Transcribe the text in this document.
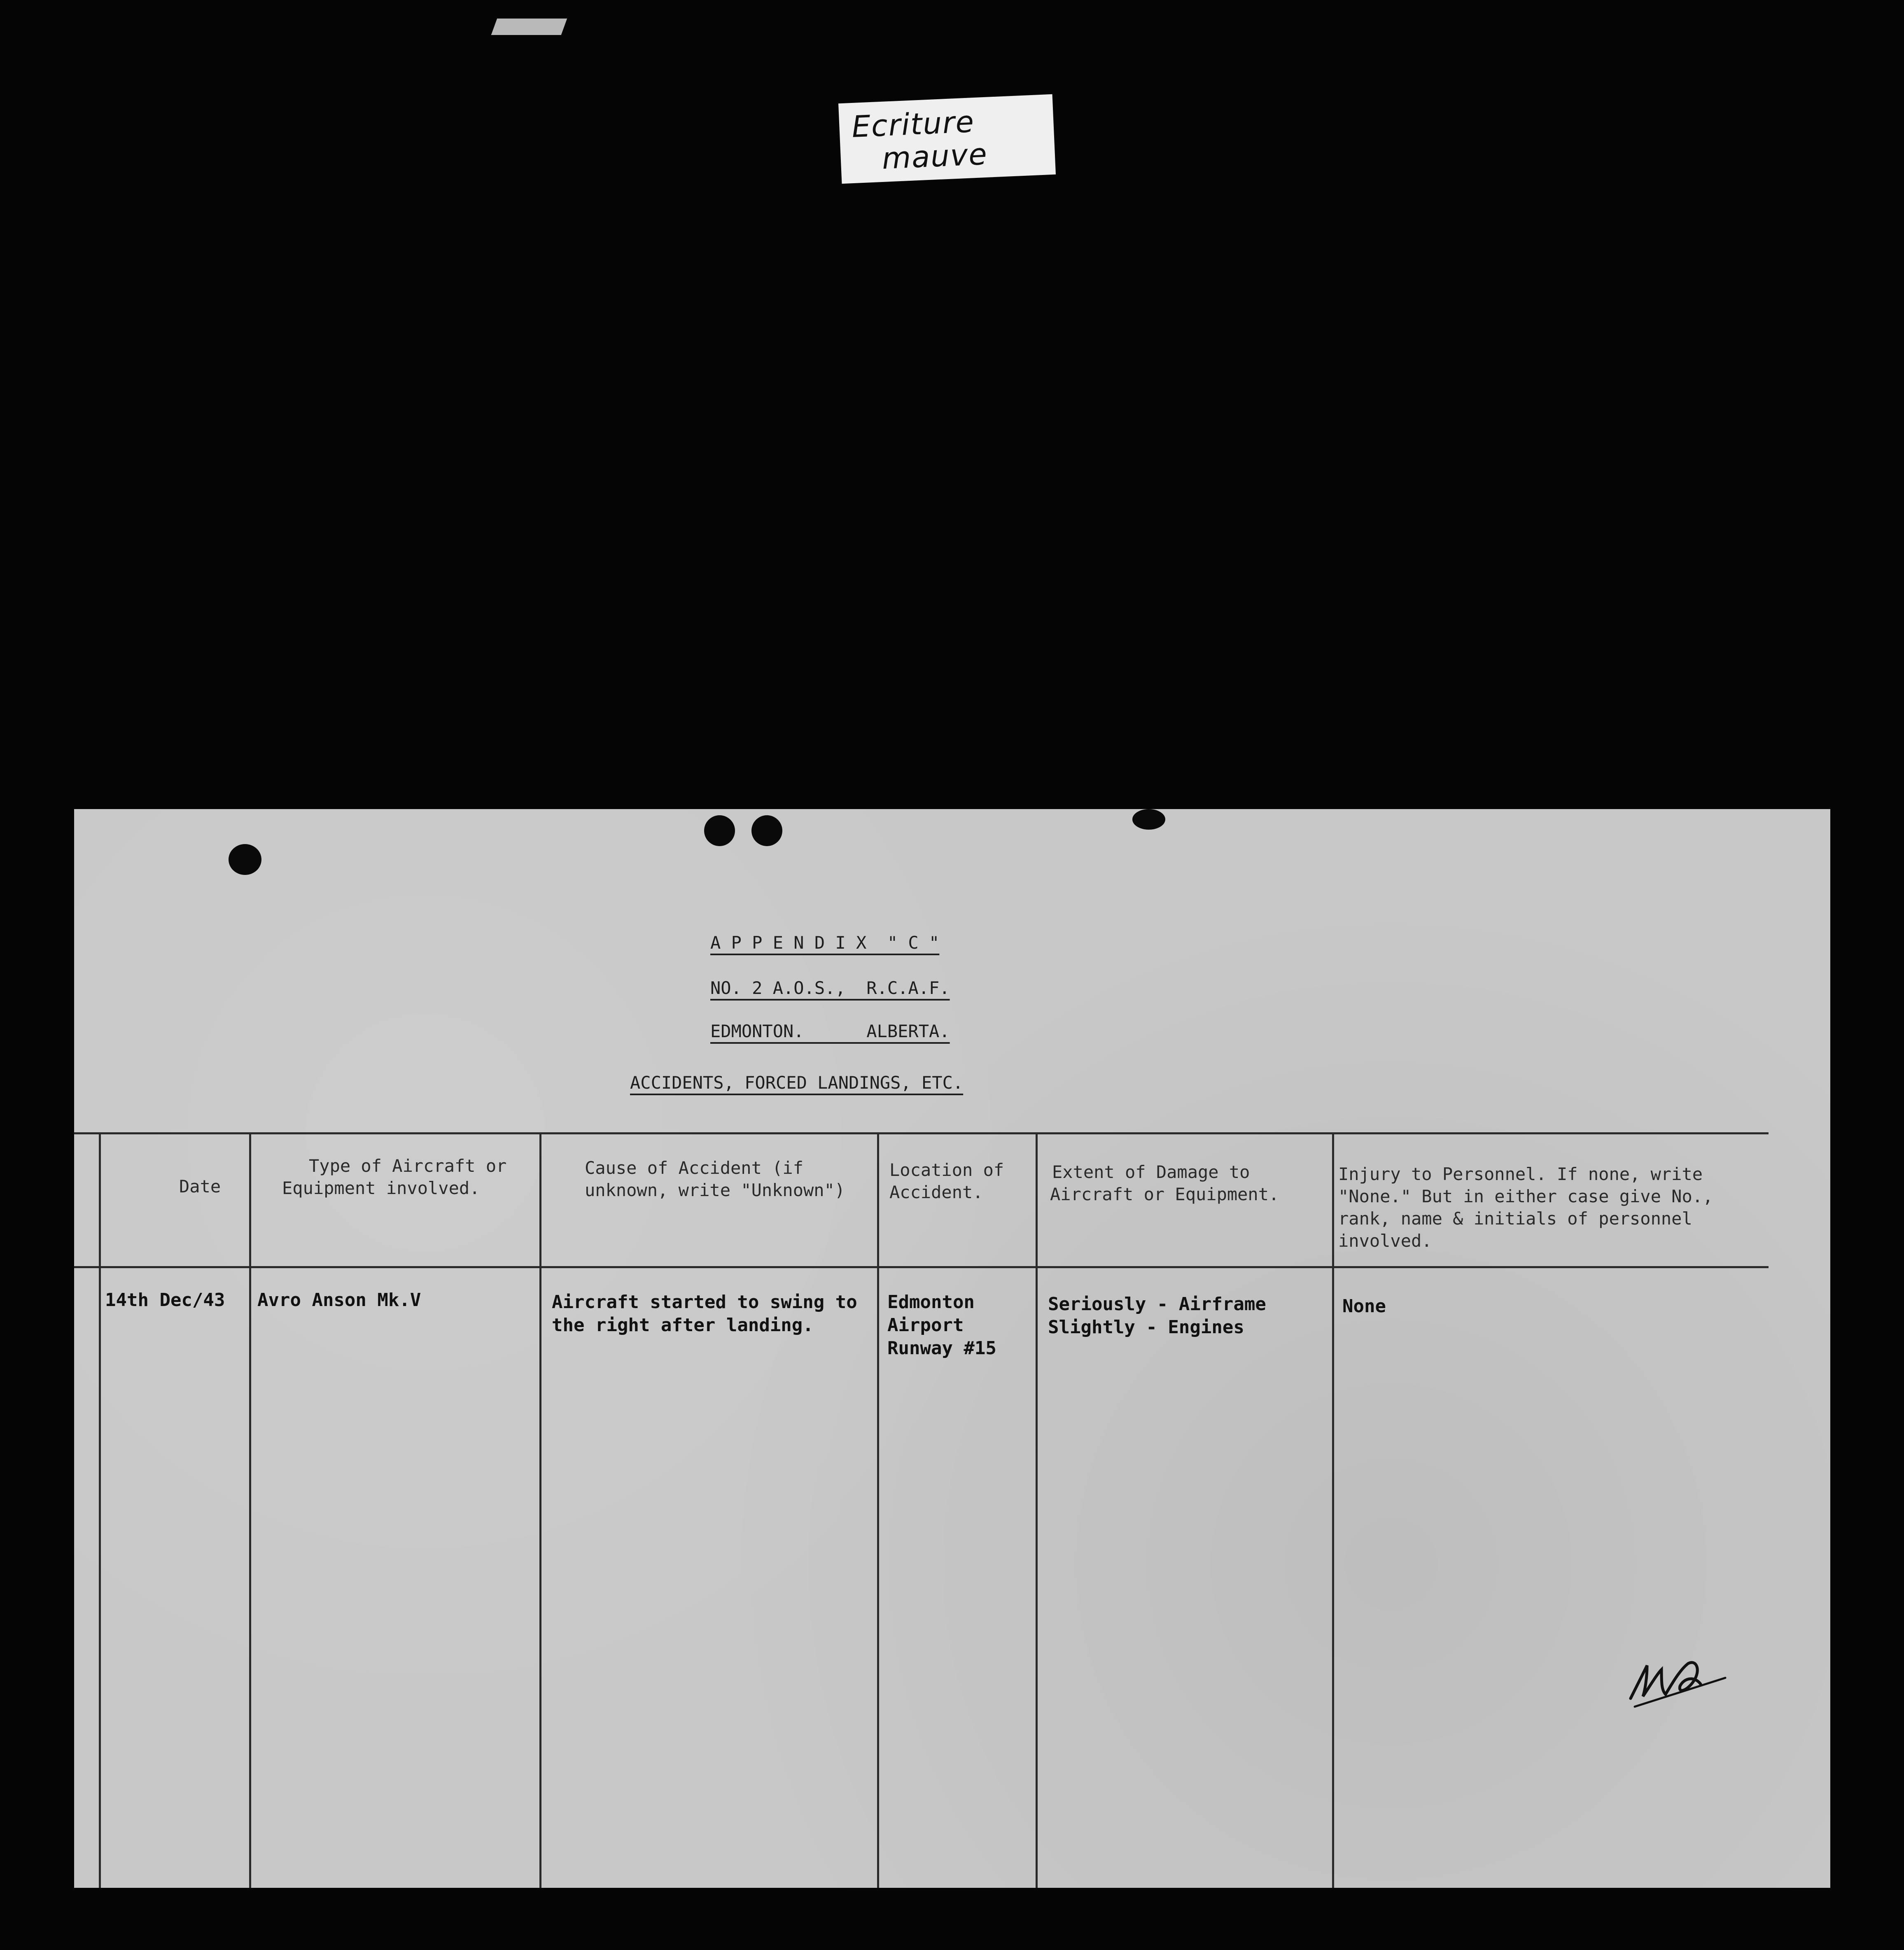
Ecriture
mauve
A P P E N D I X  " C "
NO. 2 A.O.S.,  R.C.A.F.
EDMONTON.      ALBERTA.
ACCIDENTS, FORCED LANDINGS, ETC.
Date
Type of Aircraft or
Equipment involved.
Cause of Accident (if
unknown, write "Unknown")
Location of
Accident.
Extent of Damage to
Aircraft or Equipment.
Injury to Personnel. If none, write
"None." But in either case give No.,
rank, name & initials of personnel
involved.
14th Dec/43 Avro Anson Mk.V	Aircraft started to swing to
the right after landing.
Edmonton
Airport
Runway #15
Seriously - Airframe
Slightly - Engines
None
